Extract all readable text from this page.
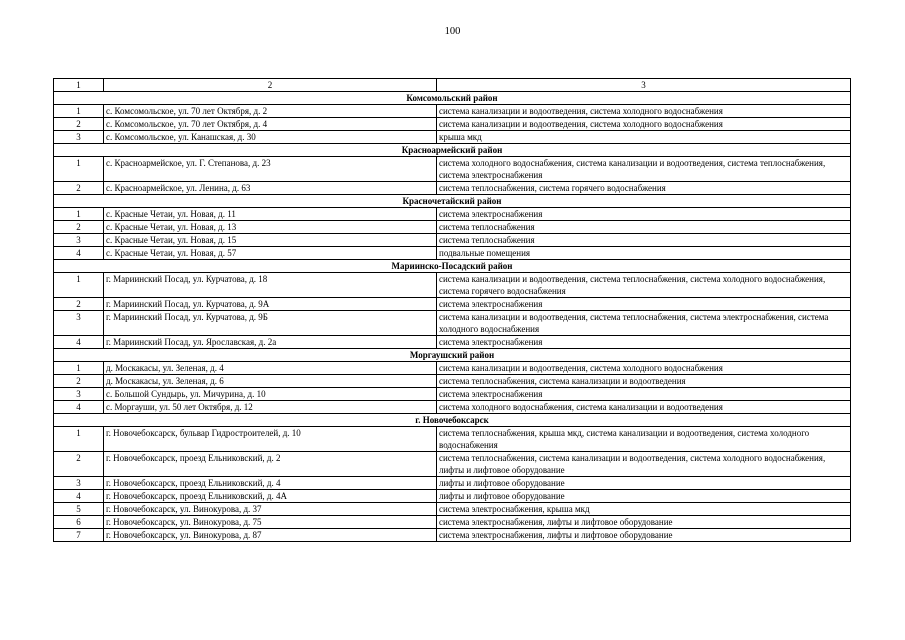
100
1	2	3
Комсомольский район		
1	с. Комсомольское, ул. 70 лет Октября, д. 2	система канализации и водоотведения, система холодного водоснабжения
2	с. Комсомольское, ул. 70 лет Октября, д. 4	система канализации и водоотведения, система холодного водоснабжения
3	с. Комсомольское, ул. Канашская, д. 30	крыша мкд
Красноармейский район		
1	с. Красноармейское, ул. Г. Степанова, д. 23	система холодного водоснабжения, система канализации и водоотведения, система теплоснабжения, система электроснабжения
2	с. Красноармейское, ул. Ленина, д. 63	система теплоснабжения, система горячего водоснабжения
Красночетайский район		
1	с. Красные Четаи, ул. Новая, д. 11	система электроснабжения
2	с. Красные Четаи, ул. Новая, д. 13	система теплоснабжения
3	с. Красные Четаи, ул. Новая, д. 15	система теплоснабжения
4	с. Красные Четаи, ул. Новая, д. 57	подвальные помещения
Мариинско-Посадский район		
1	г. Мариинский Посад, ул. Курчатова, д. 18	система канализации и водоотведения, система теплоснабжения, система холодного водоснабжения, система горячего водоснабжения
2	г. Мариинский Посад, ул. Курчатова, д. 9А	система электроснабжения
3	г. Мариинский Посад, ул. Курчатова, д. 9Б	система канализации и водоотведения, система теплоснабжения, система электроснабжения, система холодного водоснабжения
4	г. Мариинский Посад, ул. Ярославская, д. 2а	система электроснабжения
Моргаушский район		
1	д. Москакасы, ул. Зеленая, д. 4	система канализации и водоотведения, система холодного водоснабжения
2	д. Москакасы, ул. Зеленая, д. 6	система теплоснабжения, система канализации и водоотведения
3	с. Большой Сундырь, ул. Мичурина, д. 10	система электроснабжения
4	с. Моргауши, ул. 50 лет Октября, д. 12	система холодного водоснабжения, система канализации и водоотведения
г. Новочебоксарск		
1	г. Новочебоксарск, бульвар Гидростроителей, д. 10	система теплоснабжения, крыша мкд, система канализации и водоотведения, система холодного водоснабжения
2	г. Новочебоксарск, проезд Ельниковский, д. 2	система теплоснабжения, система канализации и водоотведения, система холодного водоснабжения, лифты и лифтовое оборудование
3	г. Новочебоксарск, проезд Ельниковский, д. 4	лифты и лифтовое оборудование
4	г. Новочебоксарск, проезд Ельниковский, д. 4А	лифты и лифтовое оборудование
5	г. Новочебоксарск, ул. Винокурова, д. 37	система электроснабжения, крыша мкд
6	г. Новочебоксарск, ул. Винокурова, д. 75	система электроснабжения, лифты и лифтовое оборудование
7	г. Новочебоксарск, ул. Винокурова, д. 87	система электроснабжения, лифты и лифтовое оборудование
